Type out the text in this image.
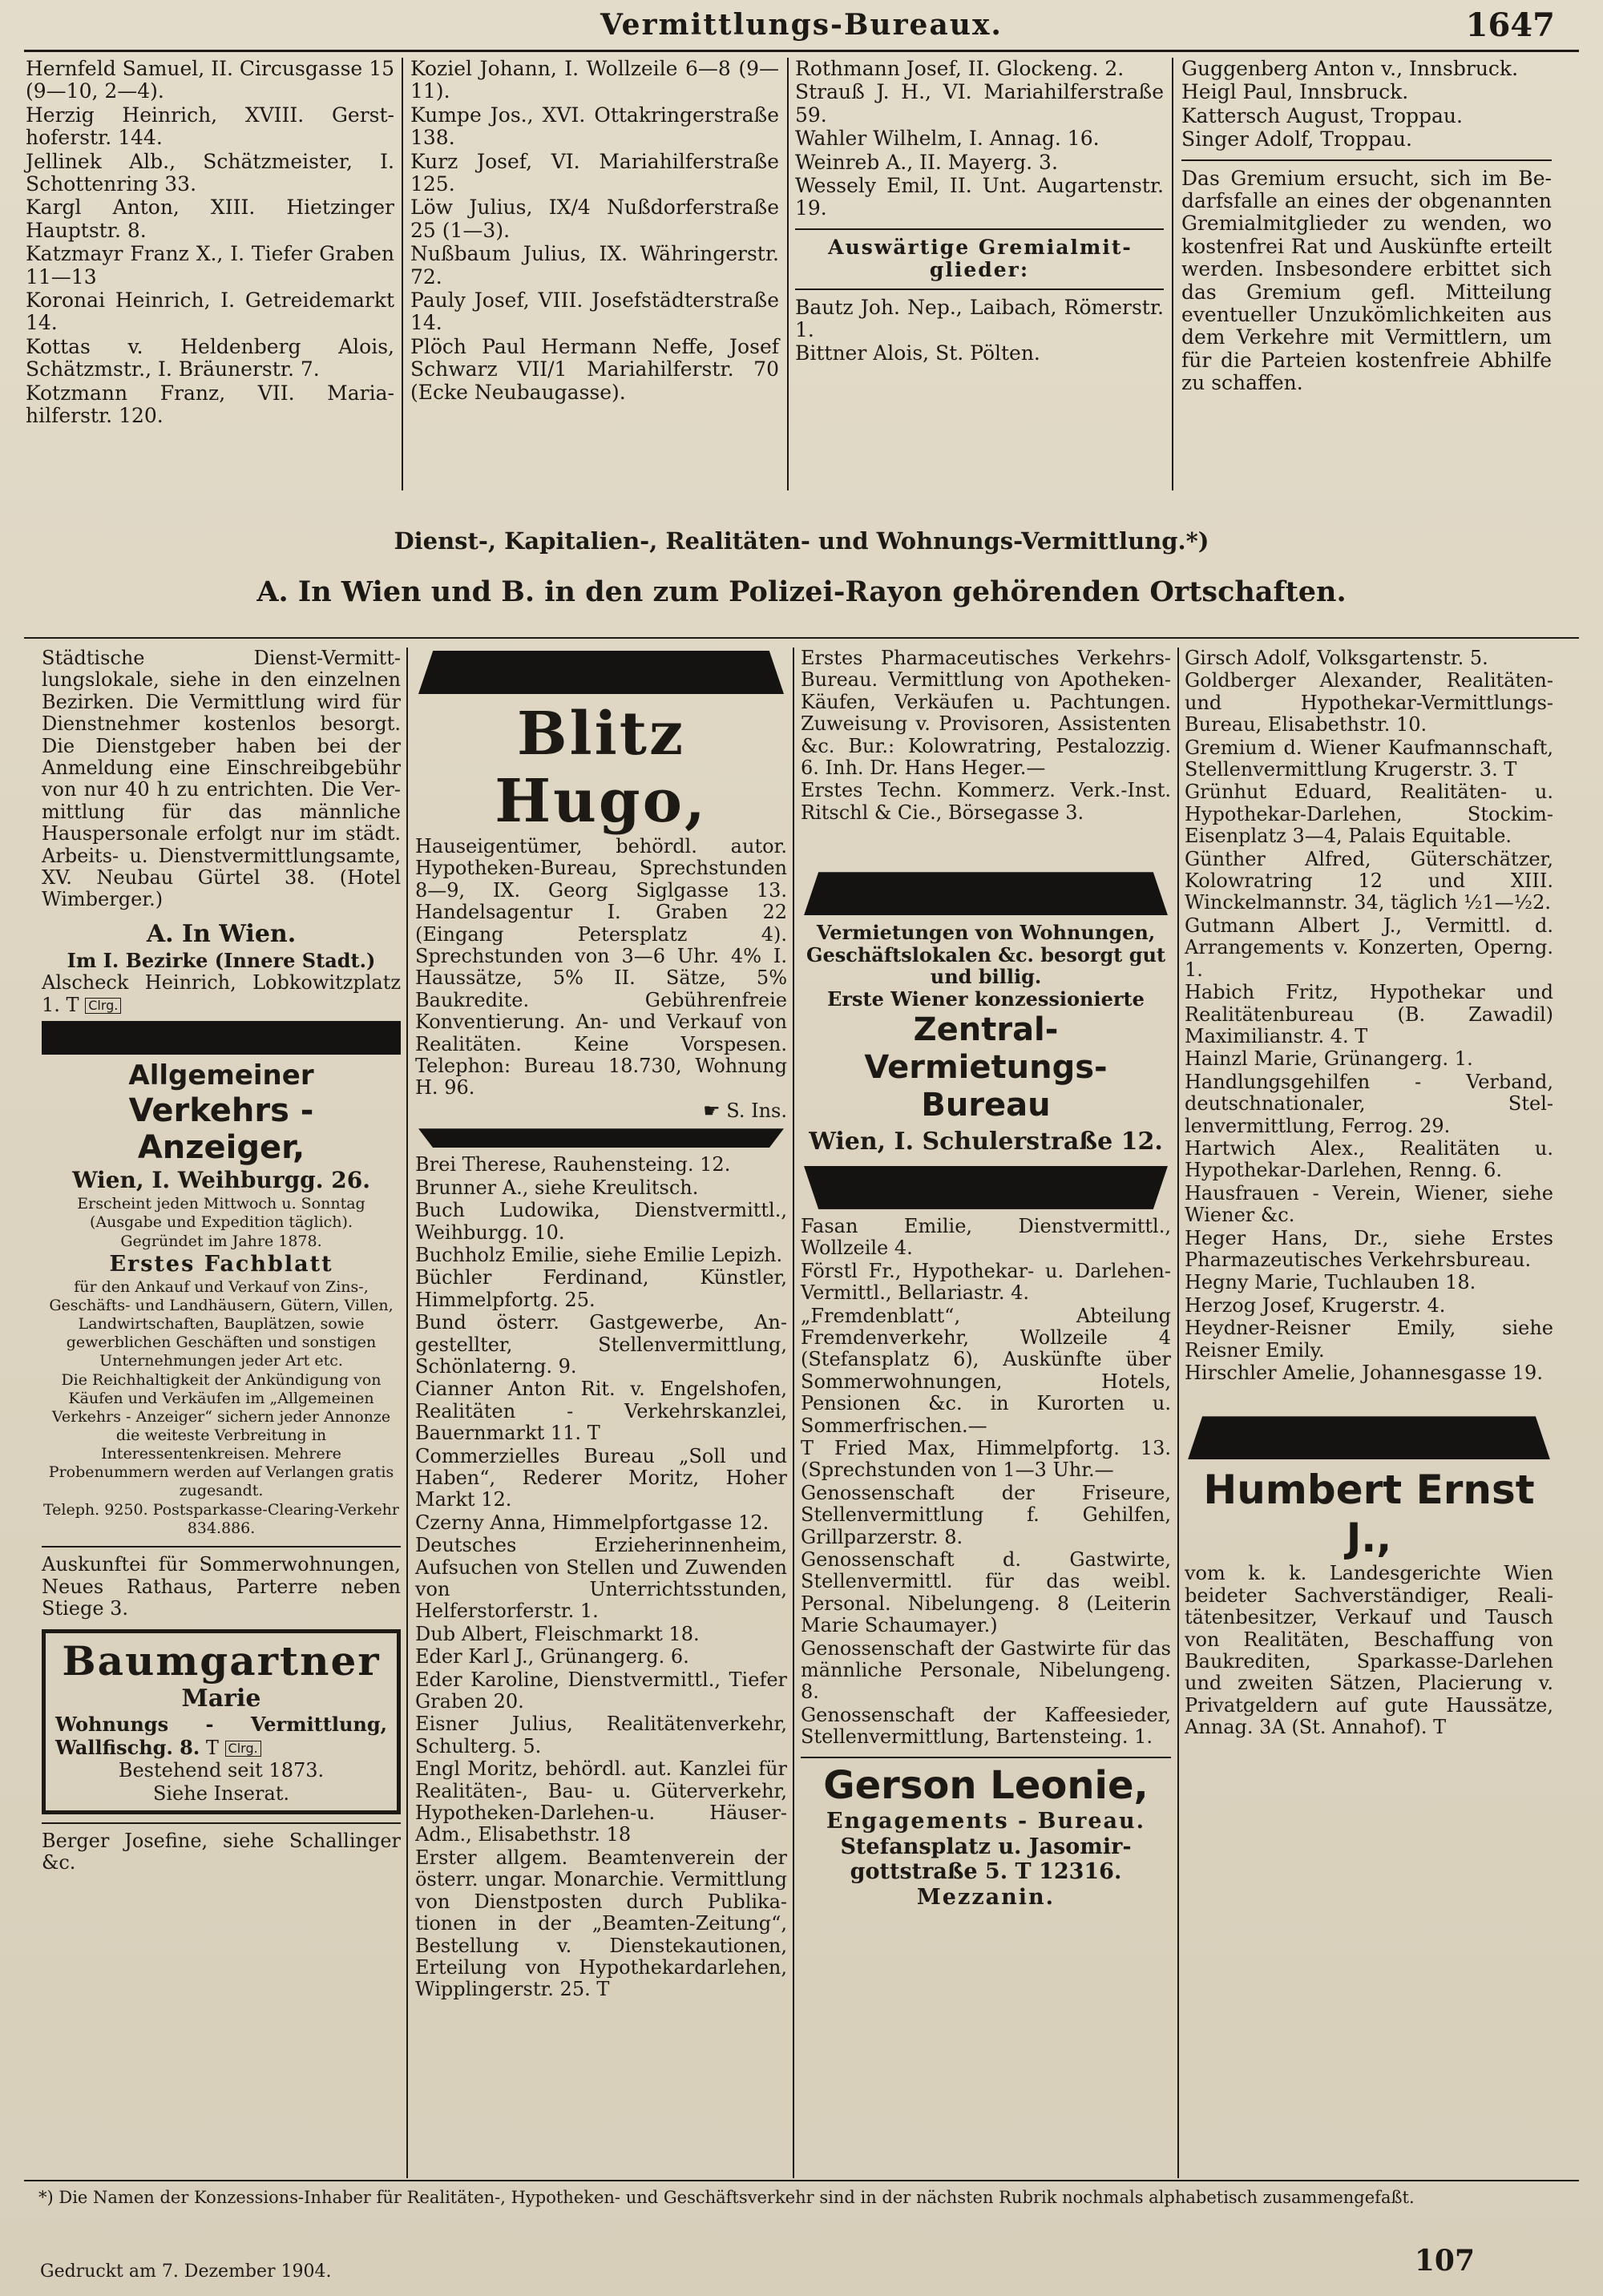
Vermittlungs-Bureaux.	1647

Hernfeld Samuel, II. Circusgasse 15 (9—10, 2—4).

Herzig Heinrich, XVIII. Gersthoferstr. 144.

Jellinek Alb., Schätzmeister, I. Schottenring 33.

Kargl Anton, XIII. Hietzinger Hauptstr. 8.

Katzmayr Franz X., I. Tiefer Graben 11—13

Koronai Heinrich, I. Getreidemarkt 14.

Kottas v. Heldenberg Alois, Schätzmstr., I. Bräunerstr. 7.

Kotzmann Franz, VII. Mariahilferstr. 120.

Koziel Johann, I. Wollzeile 6—8 (9—11).

Kumpe Jos., XVI. Ottakringerstraße 138.

Kurz Josef, VI. Mariahilferstraße 125.

Löw Julius, IX/4 Nußdorferstraße 25 (1—3).

Nußbaum Julius, IX. Währingerstr. 72.

Pauly Josef, VIII. Josefstädterstraße 14.

Plöch Paul Hermann Neffe, Josef Schwarz VII/1 Mariahilferstr. 70 (Ecke Neubaugasse).

Rothmann Josef, II. Glockeng. 2.

Strauß J. H., VI. Mariahilferstraße 59.

Wahler Wilhelm, I. Annag. 16.

Weinreb A., II. Mayerg. 3.

Wessely Emil, II. Unt. Augartenstr. 19.

Auswärtige Gremialmitglieder:

Bautz Joh. Nep., Laibach, Römerstr. 1.

Bittner Alois, St. Pölten.

Guggenberg Anton v., Innsbruck.

Heigl Paul, Innsbruck.

Kattersch August, Troppau.

Singer Adolf, Troppau.

Das Gremium ersucht, sich im Bedarfsfalle an eines der obgenannten Gremialmitglieder zu wenden, wo kostenfrei Rat und Auskünfte erteilt werden. Insbesondere erbittet sich das Gremium gefl. Mitteilung eventueller Unzukömlichkeiten aus dem Verkehre mit Vermittlern, um für die Parteien kostenfreie Abhilfe zu schaffen.

Dienst-, Kapitalien-, Realitäten- und Wohnungs-Vermittlung.*)
A. In Wien und B. in den zum Polizei-Rayon gehörenden Ortschaften.

Städtische Dienst-Vermittlungslokale, siehe in den einzelnen Bezirken. Die Vermittlung wird für Dienstnehmer kostenlos besorgt. Die Dienstgeber haben bei der Anmeldung eine Einschreibgebühr von nur 40 h zu entrichten. Die Vermittlung für das männliche Hauspersonale erfolgt nur im städt. Arbeits- u. Dienstvermittlungsamte, XV. Neubau Gürtel 38. (Hotel Wimberger.)

A. In Wien.

Im I. Bezirke (Innere Stadt.)

Alscheck Heinrich, Lobkowitzplatz 1. T Clrg.

Allgemeiner

Verkehrs - Anzeiger,

Wien, I. Weihburgg. 26.

Erscheint jeden Mittwoch u. Sonntag (Ausgabe und Expedition täglich).

Gegründet im Jahre 1878.

Erstes Fachblatt

für den Ankauf und Verkauf von Zins-, Geschäfts- und Landhäusern, Gütern, Villen, Landwirtschaften, Bauplätzen, sowie gewerblichen Geschäften und sonstigen Unternehmungen jeder Art etc.

Die Reichhaltigkeit der Ankündigung von Käufen und Verkäufen im „Allgemeinen Verkehrs - Anzeiger“ sichern jeder Annonze die weiteste Verbreitung in Interessentenkreisen. Mehrere Probenummern werden auf Verlangen gratis zugesandt.

Teleph. 9250. Postsparkasse-Clearing-Verkehr 834.886.

Auskunftei für Sommerwohnungen, Neues Rathaus, Parterre neben Stiege 3.

Baumgartner

Marie

Wohnungs - Vermittlung, Wallfischg. 8. T Clrg.

Bestehend seit 1873.

Siehe Inserat.

Berger Josefine, siehe Schallinger &c.

Blitz Hugo,

Hauseigentümer, behördl. autor. Hypotheken-Bureau, Sprechstunden 8—9, IX. Georg Siglgasse 13. Handelsagentur I. Graben 22 (Eingang Petersplatz 4). Sprechstunden von 3—6 Uhr. 4% I. Haussätze, 5% II. Sätze, 5% Baukredite. Gebührenfreie Konventierung. An- und Verkauf von Realitäten. Keine Vorspesen. Telephon: Bureau 18.730, Wohnung H. 96.

☛ S. Ins.

Brei Therese, Rauhensteing. 12.

Brunner A., siehe Kreulitsch.

Buch Ludowika, Dienstvermittl., Weihburgg. 10.

Buchholz Emilie, siehe Emilie Lepizh.

Büchler Ferdinand, Künstler, Himmelpfortg. 25.

Bund österr. Gastgewerbe, Angestellter, Stellenvermittlung, Schönlaterng. 9.

Cianner Anton Rit. v. Engelshofen, Realitäten - Verkehrskanzlei, Bauernmarkt 11. T

Commerzielles Bureau „Soll und Haben“, Rederer Moritz, Hoher Markt 12.

Czerny Anna, Himmelpfortgasse 12.

Deutsches Erzieherinnenheim, Aufsuchen von Stellen und Zuwenden von Unterrichtsstunden, Helferstorferstr. 1.

Dub Albert, Fleischmarkt 18.

Eder Karl J., Grünangerg. 6.

Eder Karoline, Dienstvermittl., Tiefer Graben 20.

Eisner Julius, Realitätenverkehr, Schulterg. 5.

Engl Moritz, behördl. aut. Kanzlei für Realitäten-, Bau- u. Güterverkehr, Hypotheken-Darlehen-u. Häuser-Adm., Elisabethstr. 18

Erster allgem. Beamtenverein der österr. ungar. Monarchie. Vermittlung von Dienstposten durch Publikationen in der „Beamten-Zeitung“, Bestellung v. Dienstekautionen, Erteilung von Hypothekardarlehen, Wipplingerstr. 25. T

Erstes Pharmaceutisches Verkehrs-Bureau. Vermittlung von Apotheken-Käufen, Verkäufen u. Pachtungen. Zuweisung v. Provisoren, Assistenten &c. Bur.: Kolowratring, Pestalozzig. 6. Inh. Dr. Hans Heger.—

Erstes Techn. Kommerz. Verk.-Inst. Ritschl & Cie., Börsegasse 3.

Vermietungen von Wohnungen, Geschäftslokalen &c. besorgt gut und billig.

Erste Wiener konzessionierte

Zentral-

Vermietungs-

Bureau

Wien, I. Schulerstraße 12.

Fasan Emilie, Dienstvermittl., Wollzeile 4.

Förstl Fr., Hypothekar- u. Darlehen-Vermittl., Bellariastr. 4.

„Fremdenblatt“, Abteilung Fremdenverkehr, Wollzeile 4 (Stefansplatz 6), Auskünfte über Sommerwohnungen, Hotels, Pensionen &c. in Kurorten u. Sommerfrischen.—

T Fried Max, Himmelpfortg. 13. (Sprechstunden von 1—3 Uhr.—

Genossenschaft der Friseure, Stellenvermittlung f. Gehilfen, Grillparzerstr. 8.

Genossenschaft d. Gastwirte, Stellenvermittl. für das weibl. Personal. Nibelungeng. 8 (Leiterin Marie Schaumayer.)

Genossenschaft der Gastwirte für das männliche Personale, Nibelungeng. 8.

Genossenschaft der Kaffeesieder, Stellenvermittlung, Bartensteing. 1.

Gerson Leonie,

Engagements - Bureau.

Stefansplatz u. Jasomirgottstraße 5. T 12316.

Mezzanin.

Girsch Adolf, Volksgartenstr. 5.

Goldberger Alexander, Realitäten- und Hypothekar-Vermittlungs-Bureau, Elisabethstr. 10.

Gremium d. Wiener Kaufmannschaft, Stellenvermittlung Krugerstr. 3. T

Grünhut Eduard, Realitäten- u. Hypothekar-Darlehen, Stockim-Eisenplatz 3—4, Palais Equitable.

Günther Alfred, Güterschätzer, Kolowratring 12 und XIII. Winckelmannstr. 34, täglich ½1—½2.

Gutmann Albert J., Vermittl. d. Arrangements v. Konzerten, Operng. 1.

Habich Fritz, Hypothekar und Realitätenbureau (B. Zawadil) Maximilianstr. 4. T

Hainzl Marie, Grünangerg. 1.

Handlungsgehilfen - Verband, deutschnationaler, Stellenvermittlung, Ferrog. 29.

Hartwich Alex., Realitäten u. Hypothekar-Darlehen, Renng. 6.

Hausfrauen - Verein, Wiener, siehe Wiener &c.

Heger Hans, Dr., siehe Erstes Pharmazeutisches Verkehrsbureau.

Hegny Marie, Tuchlauben 18.

Herzog Josef, Krugerstr. 4.

Heydner-Reisner Emily, siehe Reisner Emily.

Hirschler Amelie, Johannesgasse 19.

Humbert Ernst J.,

vom k. k. Landesgerichte Wien beideter Sachverständiger, Realitätenbesitzer, Verkauf und Tausch von Realitäten, Beschaffung von Baukrediten, Sparkasse-Darlehen und zweiten Sätzen, Placierung v. Privatgeldern auf gute Haussätze, Annag. 3A (St. Annahof). T

*) Die Namen der Konzessions-Inhaber für Realitäten-, Hypotheken- und Geschäftsverkehr sind in der nächsten Rubrik nochmals alphabetisch zusammengefaßt.
Gedruckt am 7. Dezember 1904.	107
